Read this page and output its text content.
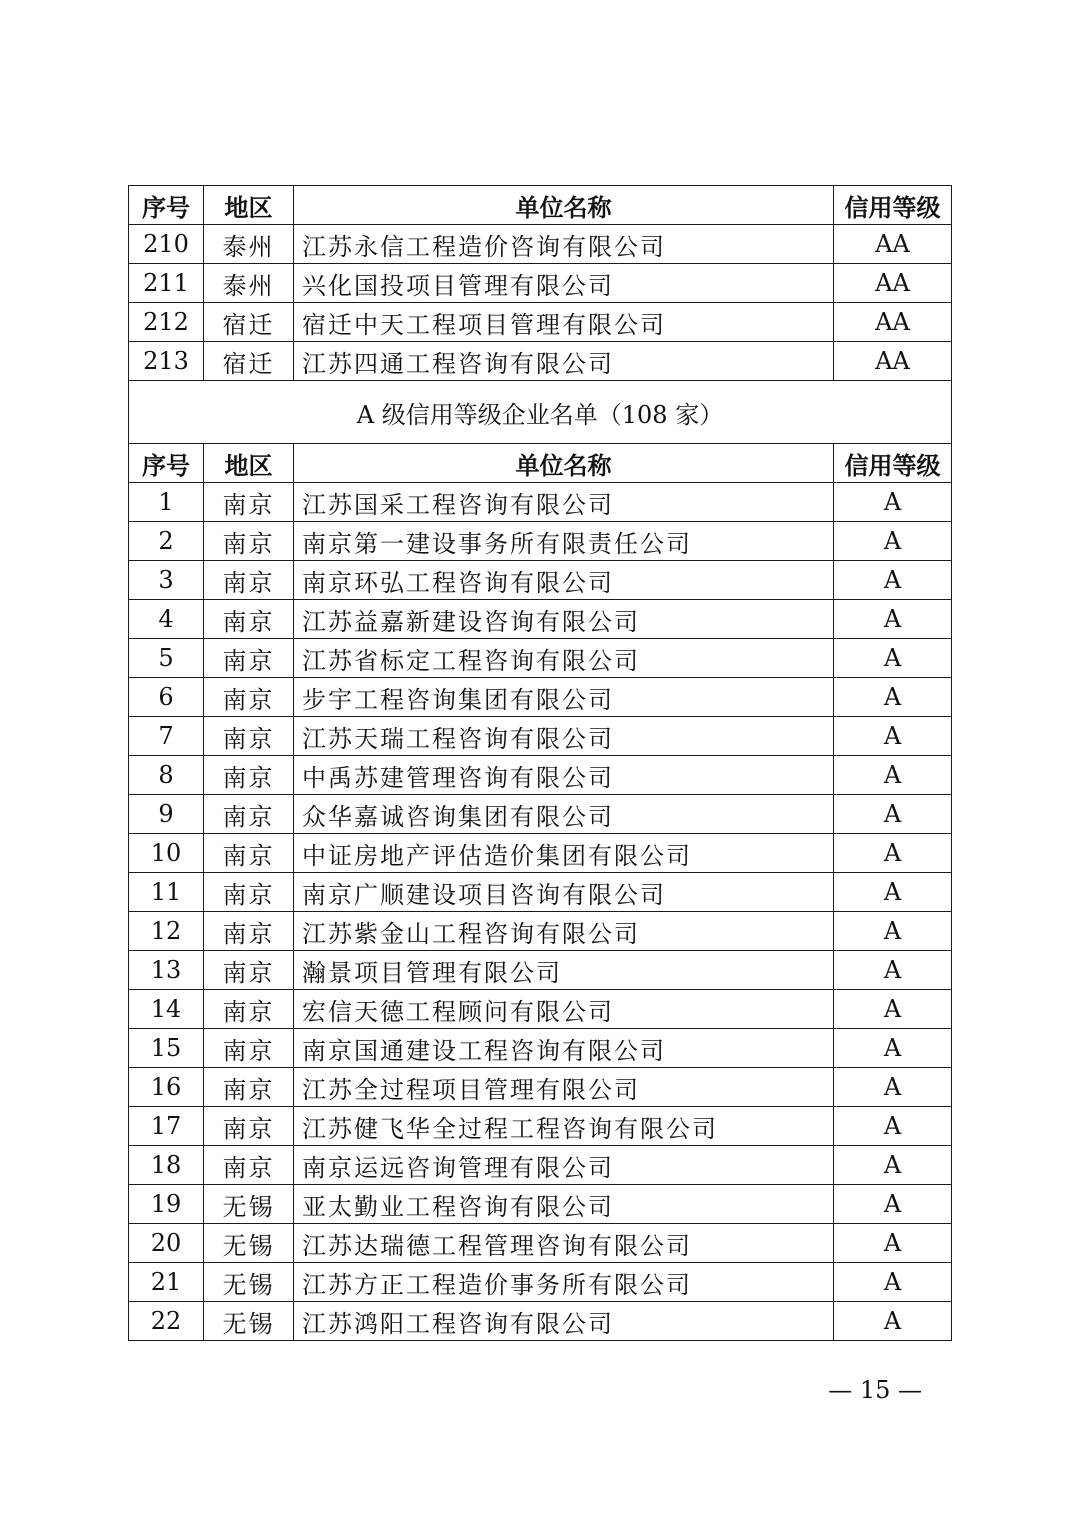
序号	地区	单位名称	信用等级
210	泰州	江苏永信工程造价咨询有限公司	AA
211	泰州	兴化国投项目管理有限公司	AA
212	宿迁	宿迁中天工程项目管理有限公司	AA
213	宿迁	江苏四通工程咨询有限公司	AA
A 级信用等级企业名单（108 家）			
序号	地区	单位名称	信用等级
1	南京	江苏国采工程咨询有限公司	A
2	南京	南京第一建设事务所有限责任公司	A
3	南京	南京环弘工程咨询有限公司	A
4	南京	江苏益嘉新建设咨询有限公司	A
5	南京	江苏省标定工程咨询有限公司	A
6	南京	步宇工程咨询集团有限公司	A
7	南京	江苏天瑞工程咨询有限公司	A
8	南京	中禹苏建管理咨询有限公司	A
9	南京	众华嘉诚咨询集团有限公司	A
10	南京	中证房地产评估造价集团有限公司	A
11	南京	南京广顺建设项目咨询有限公司	A
12	南京	江苏紫金山工程咨询有限公司	A
13	南京	瀚景项目管理有限公司	A
14	南京	宏信天德工程顾问有限公司	A
15	南京	南京国通建设工程咨询有限公司	A
16	南京	江苏全过程项目管理有限公司	A
17	南京	江苏健飞华全过程工程咨询有限公司	A
18	南京	南京运远咨询管理有限公司	A
19	无锡	亚太勤业工程咨询有限公司	A
20	无锡	江苏达瑞德工程管理咨询有限公司	A
21	无锡	江苏方正工程造价事务所有限公司	A
22	无锡	江苏鸿阳工程咨询有限公司	A
— 15 —
